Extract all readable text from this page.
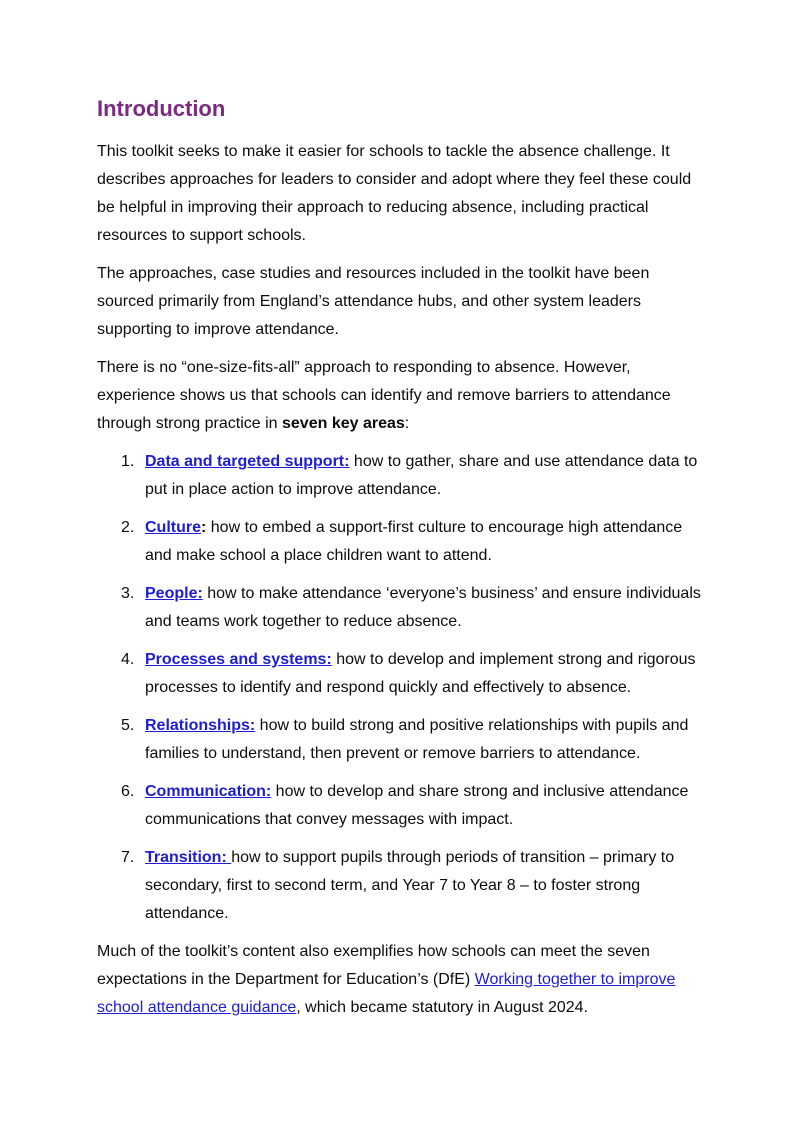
Introduction

This toolkit seeks to make it easier for schools to tackle the absence challenge. It describes approaches for leaders to consider and adopt where they feel these could be helpful in improving their approach to reducing absence, including practical resources to support schools.

The approaches, case studies and resources included in the toolkit have been sourced primarily from England’s attendance hubs, and other system leaders supporting to improve attendance.

There is no “one-size-fits-all” approach to responding to absence. However, experience shows us that schools can identify and remove barriers to attendance through strong practice in seven key areas:

1. Data and targeted support: how to gather, share and use attendance data to put in place action to improve attendance.
2. Culture: how to embed a support-first culture to encourage high attendance and make school a place children want to attend.
3. People: how to make attendance ‘everyone’s business’ and ensure individuals and teams work together to reduce absence.
4. Processes and systems: how to develop and implement strong and rigorous processes to identify and respond quickly and effectively to absence.
5. Relationships: how to build strong and positive relationships with pupils and families to understand, then prevent or remove barriers to attendance.
6. Communication: how to develop and share strong and inclusive attendance communications that convey messages with impact.
7. Transition: how to support pupils through periods of transition – primary to secondary, first to second term, and Year 7 to Year 8 – to foster strong attendance.

Much of the toolkit’s content also exemplifies how schools can meet the seven expectations in the Department for Education’s (DfE) Working together to improve school attendance guidance, which became statutory in August 2024.
